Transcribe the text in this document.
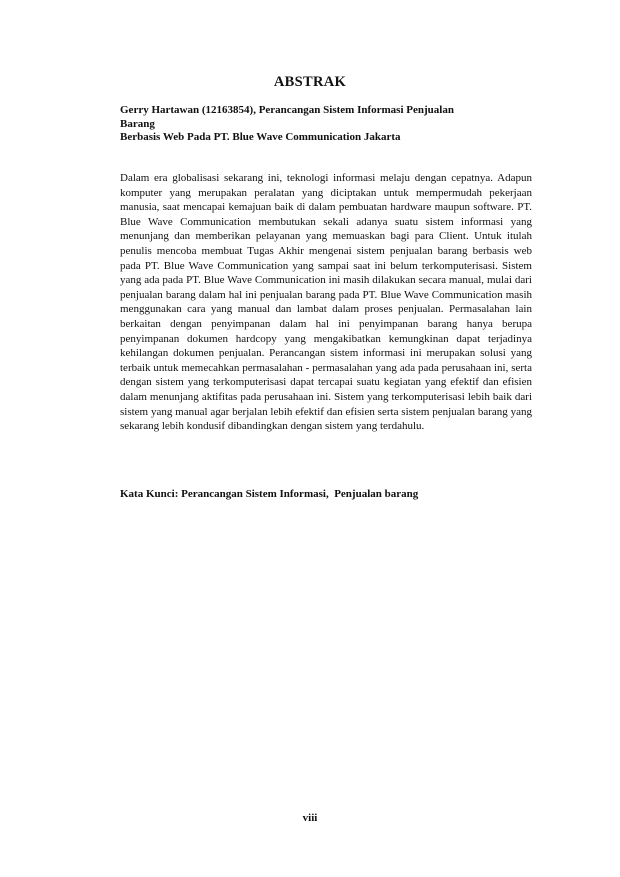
ABSTRAK
Gerry Hartawan (12163854), Perancangan Sistem Informasi Penjualan
Barang
Berbasis Web Pada PT. Blue Wave Communication Jakarta

Dalam era globalisasi sekarang ini, teknologi informasi melaju dengan cepatnya. Adapun komputer yang merupakan peralatan yang diciptakan untuk mempermudah pekerjaan manusia, saat mencapai kemajuan baik di dalam pembuatan hardware maupun software. PT. Blue Wave Communication membutukan sekali adanya suatu sistem informasi yang menunjang dan memberikan pelayanan yang memuaskan bagi para Client. Untuk itulah penulis mencoba membuat Tugas Akhir mengenai sistem penjualan barang berbasis web pada PT. Blue Wave Communication yang sampai saat ini belum terkomputerisasi. Sistem yang ada pada PT. Blue Wave Communication ini masih dilakukan secara manual, mulai dari penjualan barang dalam hal ini penjualan barang pada PT. Blue Wave Communication masih menggunakan cara yang manual dan lambat dalam proses penjualan. Permasalahan lain berkaitan dengan penyimpanan dalam hal ini penyimpanan barang hanya berupa penyimpanan dokumen hardcopy yang mengakibatkan kemungkinan dapat terjadinya kehilangan dokumen penjualan. Perancangan sistem informasi ini merupakan solusi yang terbaik untuk memecahkan permasalahan - permasalahan yang ada pada perusahaan ini, serta dengan sistem yang terkomputerisasi dapat tercapai suatu kegiatan yang efektif dan efisien dalam menunjang aktifitas pada perusahaan ini. Sistem yang terkomputerisasi lebih baik dari sistem yang manual agar berjalan lebih efektif dan efisien serta sistem penjualan barang yang sekarang lebih kondusif dibandingkan dengan sistem yang terdahulu.

Kata Kunci: Perancangan Sistem Informasi,  Penjualan barang
viii
